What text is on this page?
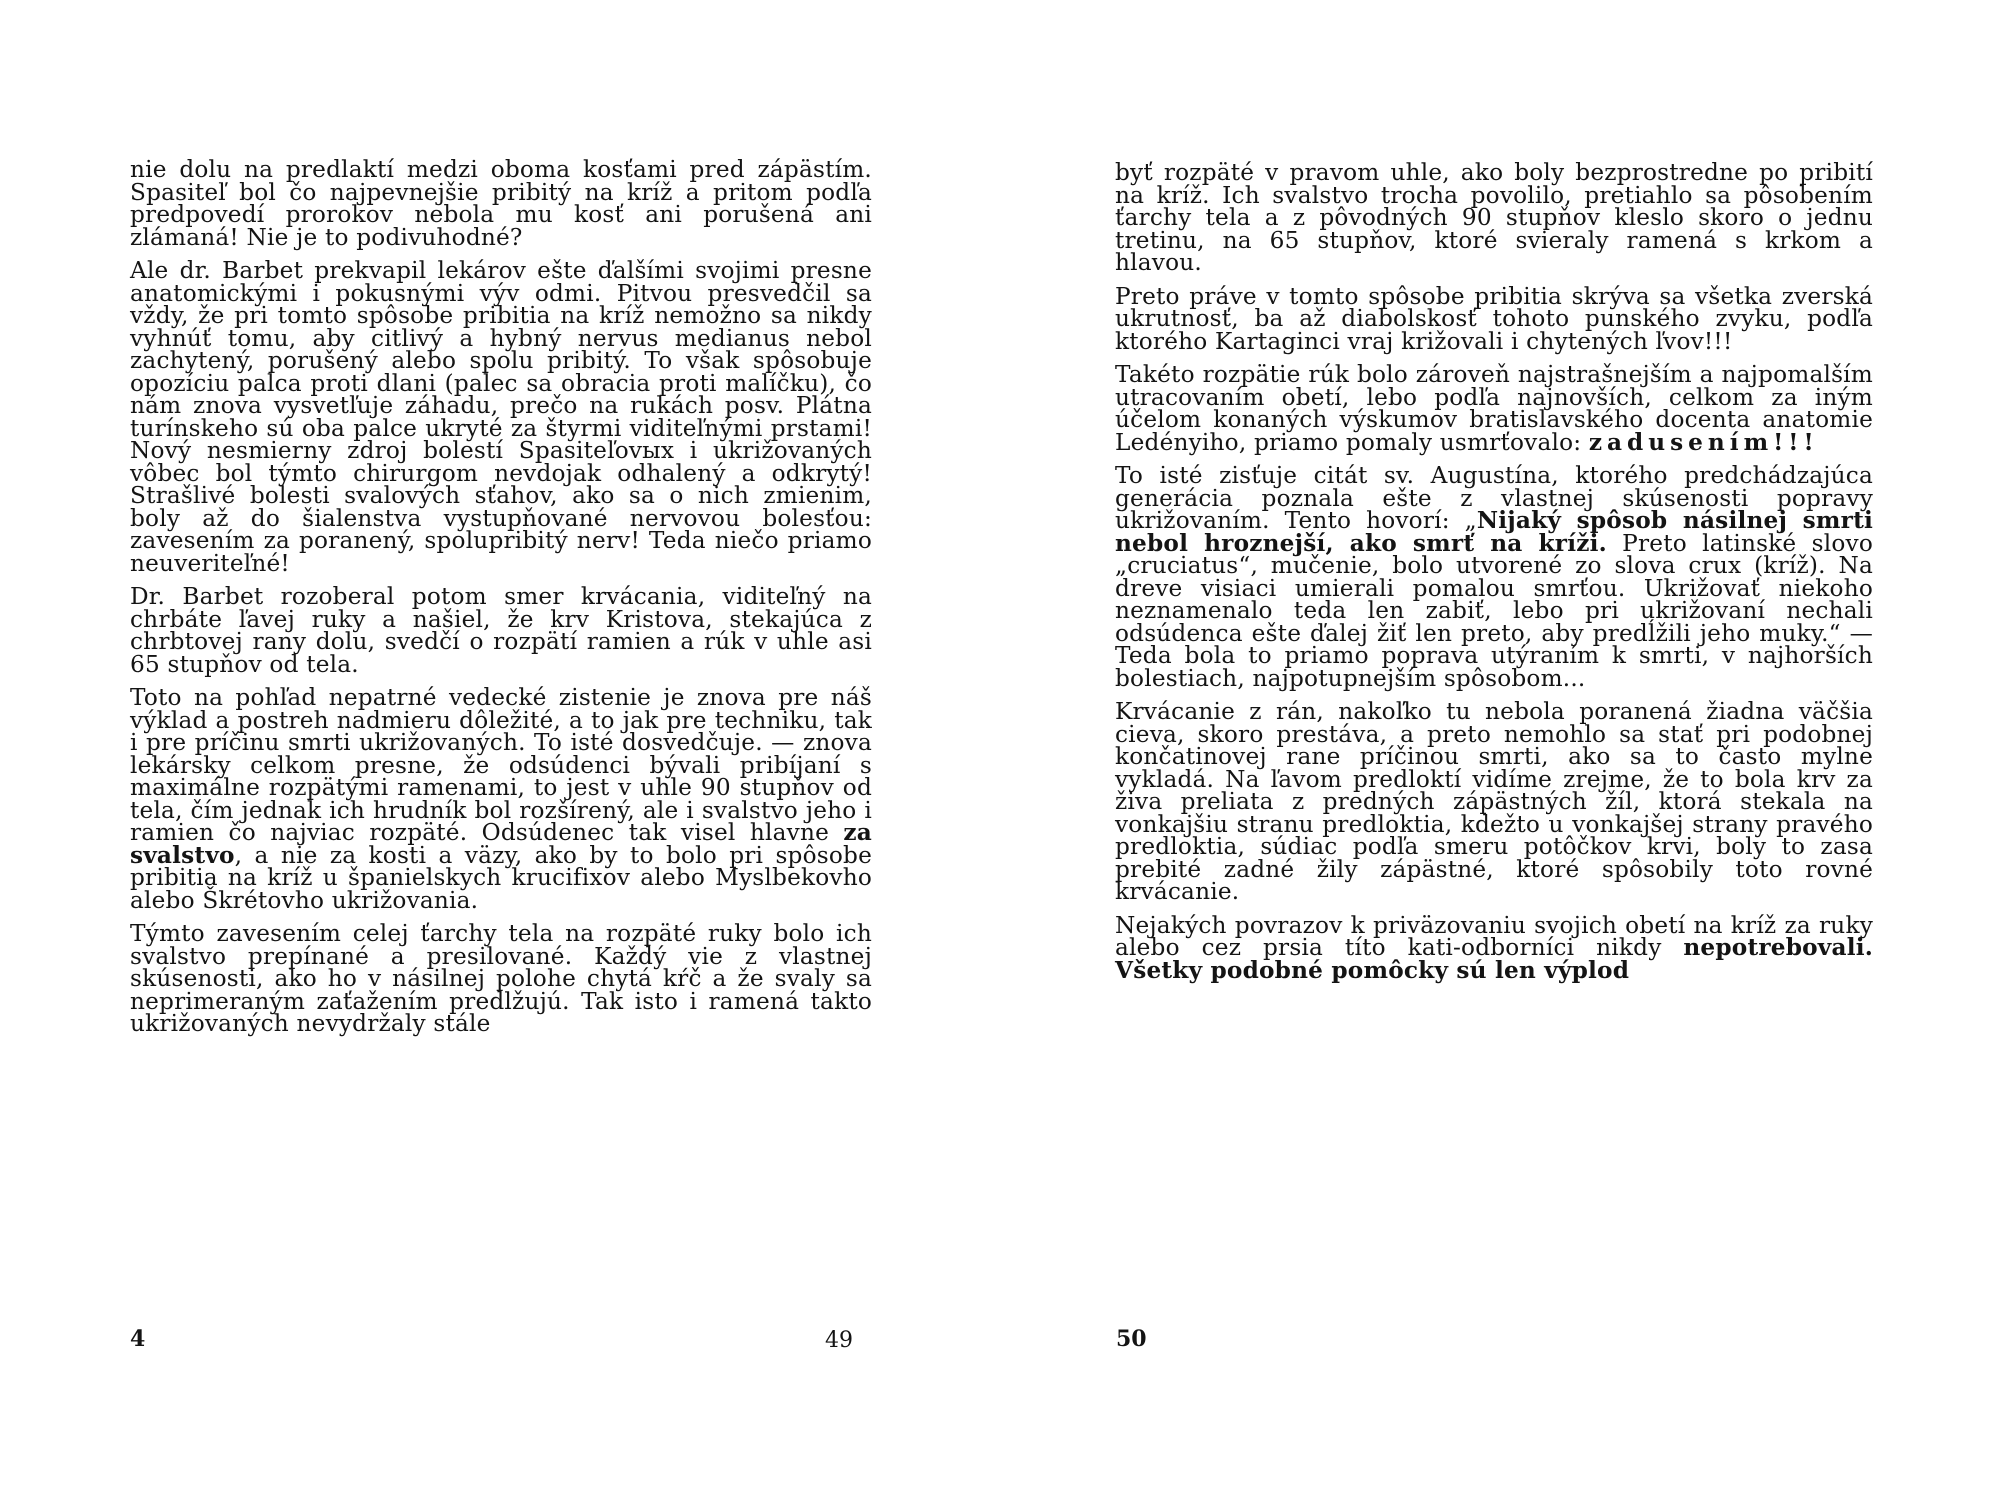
nie dolu na predlaktí medzi oboma kosťami pred zápästím. Spasiteľ bol čo najpevnejšie pribitý na kríž a pritom podľa predpovedí prorokov nebola mu kosť ani porušená ani zlámaná! Nie je to podivuhodné?

Ale dr. Barbet prekvapil lekárov ešte ďalšími svojimi presne anatomickými i pokusnými výv odmi. Pitvou presvedčil sa vždy, že pri tomto spôsobe pribitia na kríž nemožno sa nikdy vyhnúť tomu, aby citlivý a hybný nervus medianus nebol zachytený, porušený alebo spolu pribitý. To však spôsobuje opozíciu palca proti dlani (palec sa obracia proti malíčku), čo nám znova vysvetľuje záhadu, prečo na rukách posv. Plátna turínskeho sú oba palce ukryté za štyrmi viditeľnými prstami! Nový nesmierny zdroj bolestí Spasiteľovых i ukrižovaných vôbec bol týmto chirurgom nevdojak odhalený a odkrytý! Strašlivé bolesti svalových sťahov, ako sa o nich zmienim, boly až do šialenstva vystupňované nervovou bolesťou: zavesením za poranený, spolupribitý nerv! Teda niečo priamo neuveriteľné!

Dr. Barbet rozoberal potom smer krvácania, viditeľný na chrbáte ľavej ruky a našiel, že krv Kristova, stekajúca z chrbtovej rany dolu, svedčí o rozpätí ramien a rúk v uhle asi 65 stupňov od tela.

Toto na pohľad nepatrné vedecké zistenie je znova pre náš výklad a postreh nadmieru dôležité, a to jak pre techniku, tak i pre príčinu smrti ukrižovaných. To isté dosvedčuje. — znova lekársky celkom presne, že odsúdenci bývali pribíjaní s maximálne rozpätými ramenami, to jest v uhle 90 stupňov od tela, čím jednak ich hrudník bol rozšírený, ale i svalstvo jeho i ramien čo najviac rozpäté. Odsúdenec tak visel hlavne za svalstvo, a nie za kosti a väzy, ako by to bolo pri spôsobe pribitia na kríž u španielskych krucifixov alebo Myslbekovho alebo Škrétovho ukrižovania.

Týmto zavesením celej ťarchy tela na rozpäté ruky bolo ich svalstvo prepínané a presilované. Každý vie z vlastnej skúsenosti, ako ho v násilnej polohe chytá kŕč a že svaly sa neprimeraným zaťažením predlžujú. Tak isto i ramená takto ukrižovaných nevydržaly stále

4	49

byť rozpäté v pravom uhle, ako boly bezprostredne po pribití na kríž. Ich svalstvo trocha povolilo, pretiahlo sa pôsobením ťarchy tela a z pôvodných 90 stupňov kleslo skoro o jednu tretinu, na 65 stupňov, ktoré svieraly ramená s krkom a hlavou.

Preto práve v tomto spôsobe pribitia skrýva sa všetka zverská ukrutnosť, ba až diabolskosť tohoto punského zvyku, podľa ktorého Kartaginci vraj križovali i chytených ľvov!!!

Takéto rozpätie rúk bolo zároveň najstrašnejším a najpomalším utracovaním obetí, lebo podľa najnovších, celkom za iným účelom konaných výskumov bratislavského docenta anatomie Ledényiho, priamo pomaly usmrťovalo: zadusením!!!

To isté zisťuje citát sv. Augustína, ktorého predchádzajúca generácia poznala ešte z vlastnej skúsenosti popravy ukrižovaním. Tento hovorí: „Nijaký spôsob násilnej smrti nebol hroznejší, ako smrť na kríži. Preto latinské slovo „cruciatus“, mučenie, bolo utvorené zo slova crux (kríž). Na dreve visiaci umierali pomalou smrťou. Ukrižovať niekoho neznamenalo teda len zabiť, lebo pri ukrižovaní nechali odsúdenca ešte ďalej žiť len preto, aby predĺžili jeho muky.“ — Teda bola to priamo poprava utýraním k smrti, v najhorších bolestiach, najpotupnejším spôsobom...

Krvácanie z rán, nakoľko tu nebola poranená žiadna väčšia cieva, skoro prestáva, a preto nemohlo sa stať pri podobnej končatinovej rane príčinou smrti, ako sa to často mylne vykladá. Na ľavom predloktí vidíme zrejme, že to bola krv za živa preliata z predných zápästných žíl, ktorá stekala na vonkajšiu stranu predloktia, kdežto u vonkajšej strany pravého predloktia, súdiac podľa smeru potôčkov krvi, boly to zasa prebité zadné žily zápästné, ktoré spôsobily toto rovné krvácanie.

Nejakých povrazov k priväzovaniu svojich obetí na kríž za ruky alebo cez prsia títo kati-odborníci nikdy nepotrebovali. Všetky podobné pomôcky sú len výplod

50
